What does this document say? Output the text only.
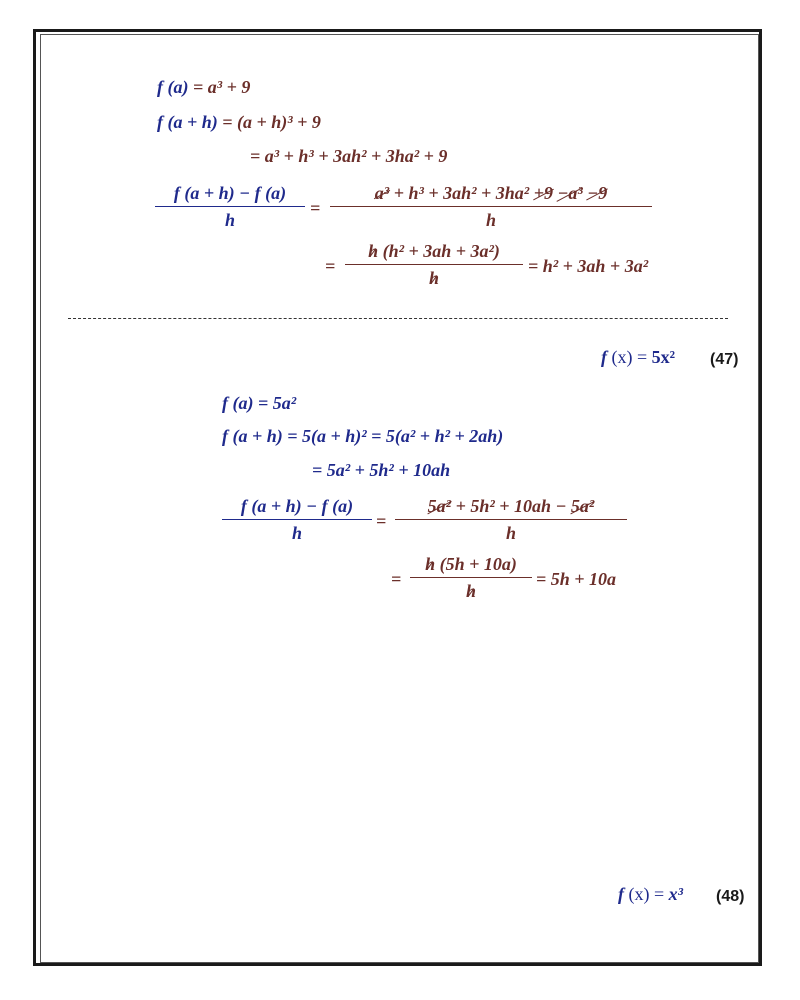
f (a) = a³ + 9
f (a + h) = (a + h)³ + 9
= a³ + h³ + 3ah² + 3ha² + 9
f (a + h) − f (a)
h
=
a³ + h³ + 3ah² + 3ha² +9 −a³ −9
h
=
h (h² + 3ah + 3a²)
h
= h² + 3ah + 3a²
f (x) = 5x² (47)
f (a) = 5a²
f (a + h) = 5(a + h)² = 5(a² + h² + 2ah)
= 5a² + 5h² + 10ah
f (a + h) − f (a)
h
=
5a² + 5h² + 10ah − 5a²
h
=
h (5h + 10a)
h
= 5h + 10a
f (x) = x³ (48)
